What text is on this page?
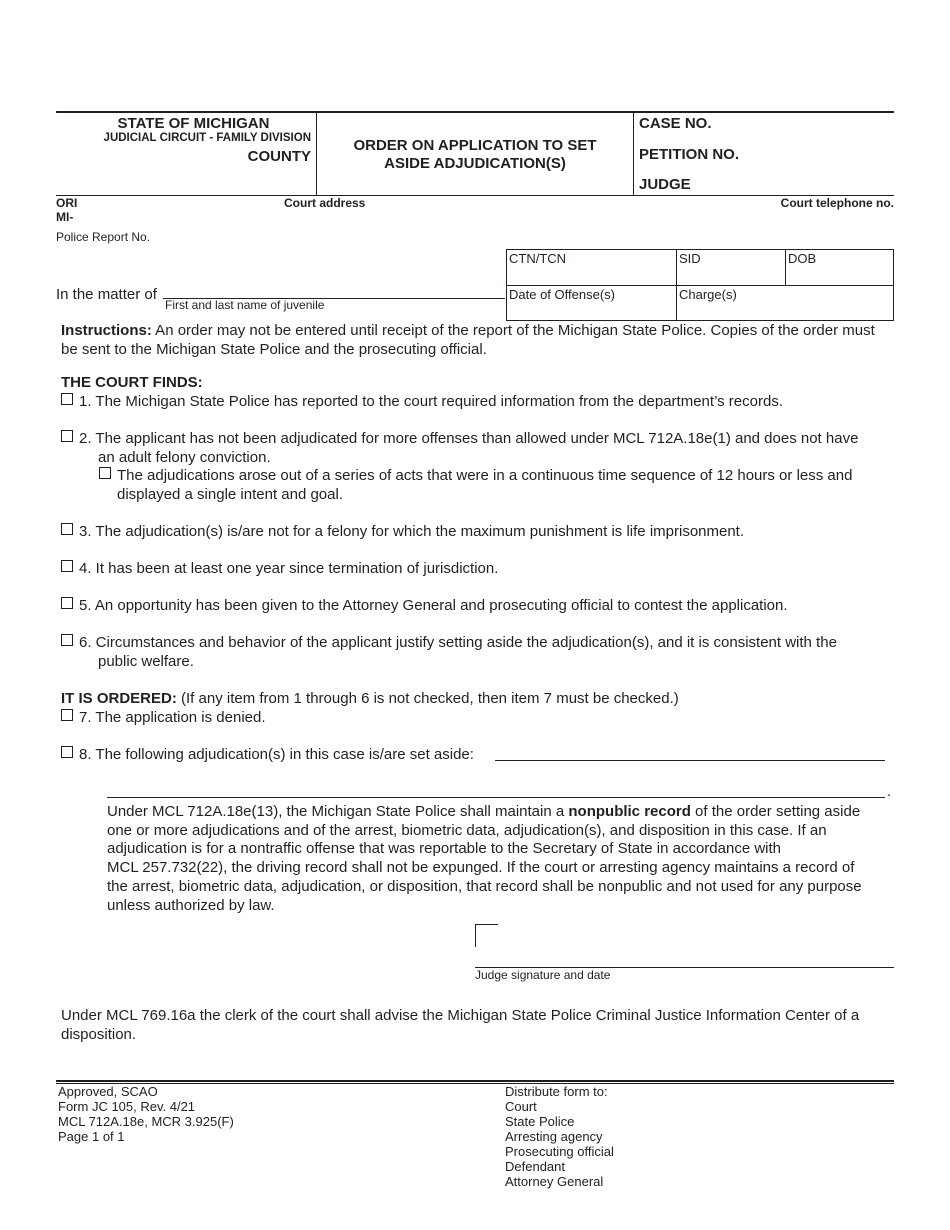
STATE OF MICHIGAN
JUDICIAL CIRCUIT - FAMILY DIVISION
COUNTY
ORDER ON APPLICATION TO SET
ASIDE ADJUDICATION(S)
CASE NO.
PETITION NO.
JUDGE
ORI
MI-
Court address	Court telephone no.
Police Report No.
In the matter of
First and last name of juvenile
CTN/TCN	SID	DOB
Date of Offense(s)	Charge(s)
Instructions: An order may not be entered until receipt of the report of the Michigan State Police. Copies of the order must
be sent to the Michigan State Police and the prosecuting official.
THE COURT FINDS:
1. The Michigan State Police has reported to the court required information from the department’s records.
2. The applicant has not been adjudicated for more offenses than allowed under MCL 712A.18e(1) and does not have
an adult felony conviction.
The adjudications arose out of a series of acts that were in a continuous time sequence of 12 hours or less and
displayed a single intent and goal.
3. The adjudication(s) is/are not for a felony for which the maximum punishment is life imprisonment.
4. It has been at least one year since termination of jurisdiction.
5. An opportunity has been given to the Attorney General and prosecuting official to contest the application.
6. Circumstances and behavior of the applicant justify setting aside the adjudication(s), and it is consistent with the
public welfare.
IT IS ORDERED: (If any item from 1 through 6 is not checked, then item 7 must be checked.)
7. The application is denied.
8. The following adjudication(s) in this case is/are set aside:
.
Under MCL 712A.18e(13), the Michigan State Police shall maintain a nonpublic record of the order setting aside
one or more adjudications and of the arrest, biometric data, adjudication(s), and disposition in this case. If an
adjudication is for a nontraffic offense that was reportable to the Secretary of State in accordance with
MCL 257.732(22), the driving record shall not be expunged. If the court or arresting agency maintains a record of
the arrest, biometric data, adjudication, or disposition, that record shall be nonpublic and not used for any purpose
unless authorized by law.
Judge signature and date
Under MCL 769.16a the clerk of the court shall advise the Michigan State Police Criminal Justice Information Center of a
disposition.
Approved, SCAO
Form JC 105, Rev. 4/21
MCL 712A.18e, MCR 3.925(F)
Page 1 of 1
Distribute form to:
Court
State Police
Arresting agency
Prosecuting official
Defendant
Attorney General
